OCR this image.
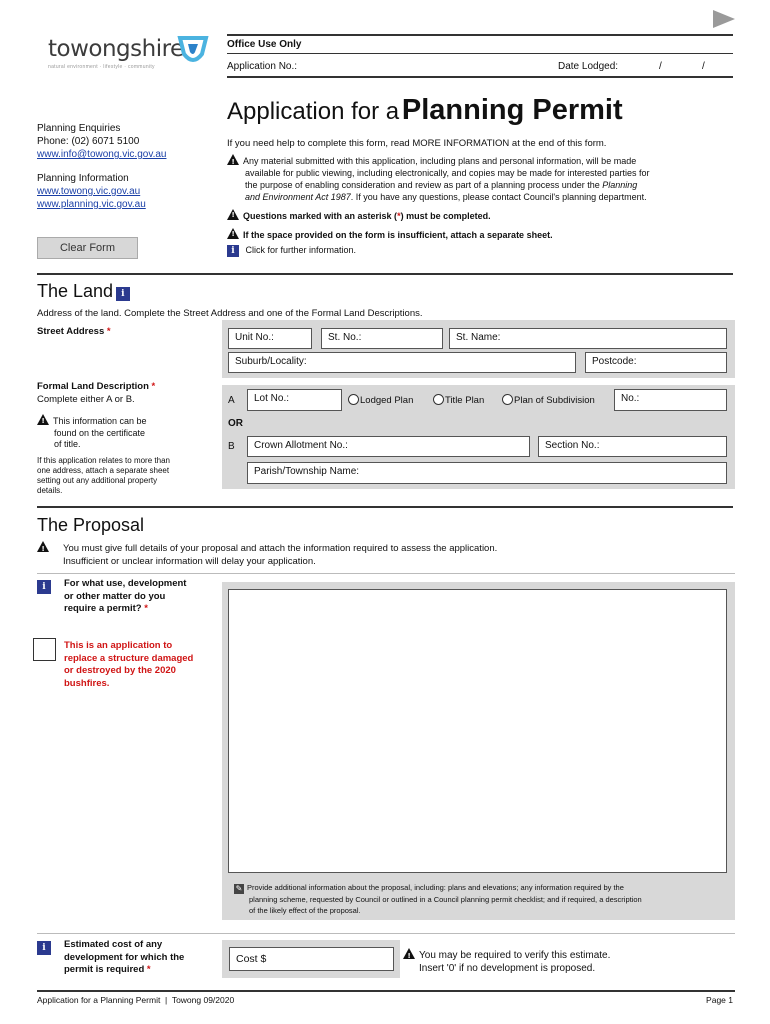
towongshire
natural environment · lifestyle · community
Office Use Only
Application No.:	Date Lodged:	/	/
Planning Enquiries
Phone: (02) 6071 5100
www.info@towong.vic.gov.au
Planning Information
www.towong.vic.gov.au
www.planning.vic.gov.au
Clear Form
Application for a Planning Permit
If you need help to complete this form, read MORE INFORMATION at the end of this form.
!Any material submitted with this application, including plans and personal information, will be made
available for public viewing, including electronically, and copies may be made for interested parties for
the purpose of enabling consideration and review as part of a planning process under the Planning
and Environment Act 1987. If you have any questions, please contact Council's planning department.
!Questions marked with an asterisk (*) must be completed.
!If the space provided on the form is insufficient, attach a separate sheet.
i Click for further information.
The Land i
Address of the land. Complete the Street Address and one of the Formal Land Descriptions.
Street Address *
Unit No.:	St. No.:	St. Name:
Suburb/Locality:	Postcode:
Formal Land Description *
Complete either A or B.
!This information can be
found on the certificate
of title.
If this application relates to more than
one address, attach a separate sheet
setting out any additional property
details.
A	Lot No.:	Lodged Plan	Title Plan	Plan of Subdivision	No.:
OR
B	Crown Allotment No.:	Section No.:
Parish/Township Name:
The Proposal
!You must give full details of your proposal and attach the information required to assess the application.
Insufficient or unclear information will delay your application.
i	For what use, development
or other matter do you
require a permit? *
This is an application to
replace a structure damaged
or destroyed by the 2020
bushfires.
✎ Provide additional information about the proposal, including: plans and elevations; any information required by the
planning scheme, requested by Council or outlined in a Council planning permit checklist; and if required, a description
of the likely effect of the proposal.
i	Estimated cost of any
development for which the
permit is required *
Cost $
!	You may be required to verify this estimate.
Insert '0' if no development is proposed.
Application for a Planning Permit  |  Towong 09/2020	Page 1
